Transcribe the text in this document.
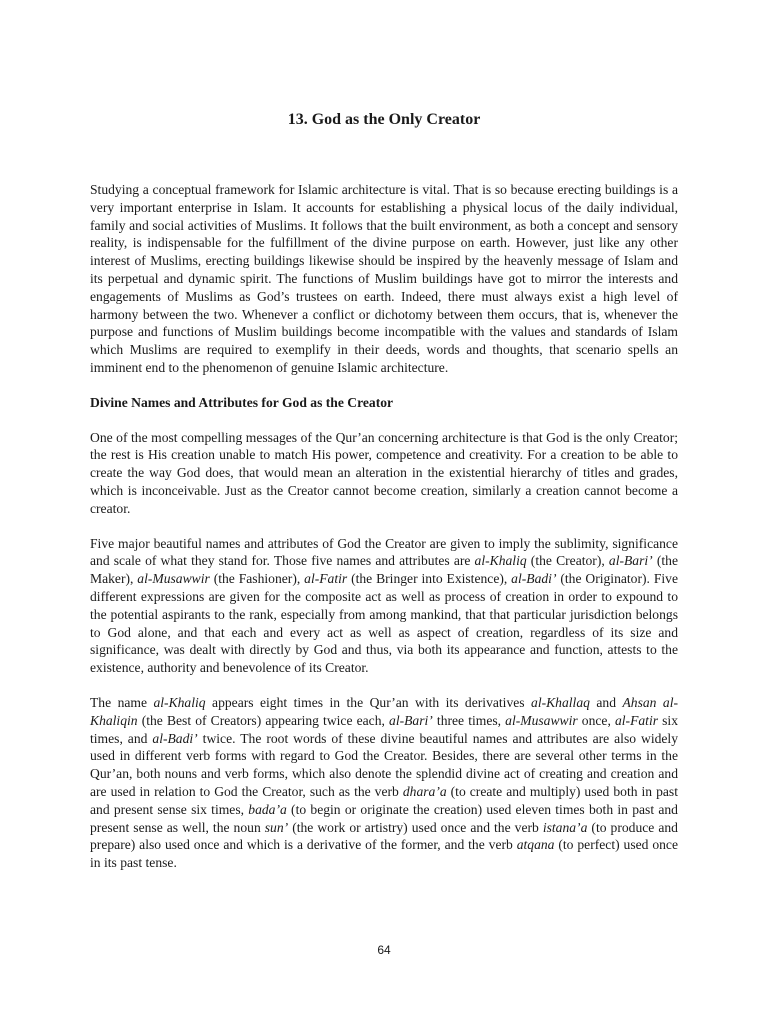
13. God as the Only Creator

Studying a conceptual framework for Islamic architecture is vital. That is so because erecting buildings is a very important enterprise in Islam. It accounts for establishing a physical locus of the daily individual, family and social activities of Muslims. It follows that the built environment, as both a concept and sensory reality, is indispensable for the fulfillment of the divine purpose on earth. However, just like any other interest of Muslims, erecting buildings likewise should be inspired by the heavenly message of Islam and its perpetual and dynamic spirit. The functions of Muslim buildings have got to mirror the interests and engagements of Muslims as God’s trustees on earth. Indeed, there must always exist a high level of harmony between the two. Whenever a conflict or dichotomy between them occurs, that is, whenever the purpose and functions of Muslim buildings become incompatible with the values and standards of Islam which Muslims are required to exemplify in their deeds, words and thoughts, that scenario spells an imminent end to the phenomenon of genuine Islamic architecture.

Divine Names and Attributes for God as the Creator

One of the most compelling messages of the Qur’an concerning architecture is that God is the only Creator; the rest is His creation unable to match His power, competence and creativity. For a creation to be able to create the way God does, that would mean an alteration in the existential hierarchy of titles and grades, which is inconceivable. Just as the Creator cannot become creation, similarly a creation cannot become a creator.

Five major beautiful names and attributes of God the Creator are given to imply the sublimity, significance and scale of what they stand for. Those five names and attributes are al-Khaliq (the Creator), al-Bari’ (the Maker), al-Musawwir (the Fashioner), al-Fatir (the Bringer into Existence), al-Badi’ (the Originator). Five different expressions are given for the composite act as well as process of creation in order to expound to the potential aspirants to the rank, especially from among mankind, that that particular jurisdiction belongs to God alone, and that each and every act as well as aspect of creation, regardless of its size and significance, was dealt with directly by God and thus, via both its appearance and function, attests to the existence, authority and benevolence of its Creator.

The name al-Khaliq appears eight times in the Qur’an with its derivatives al-Khallaq and Ahsan al-Khaliqin (the Best of Creators) appearing twice each, al-Bari’ three times, al-Musawwir once, al-Fatir six times, and al-Badi’ twice. The root words of these divine beautiful names and attributes are also widely used in different verb forms with regard to God the Creator. Besides, there are several other terms in the Qur’an, both nouns and verb forms, which also denote the splendid divine act of creating and creation and are used in relation to God the Creator, such as the verb dhara’a (to create and multiply) used both in past and present sense six times, bada’a (to begin or originate the creation) used eleven times both in past and present sense as well, the noun sun’ (the work or artistry) used once and the verb istana’a (to produce and prepare) also used once and which is a derivative of the former, and the verb atqana (to perfect) used once in its past tense.

64
